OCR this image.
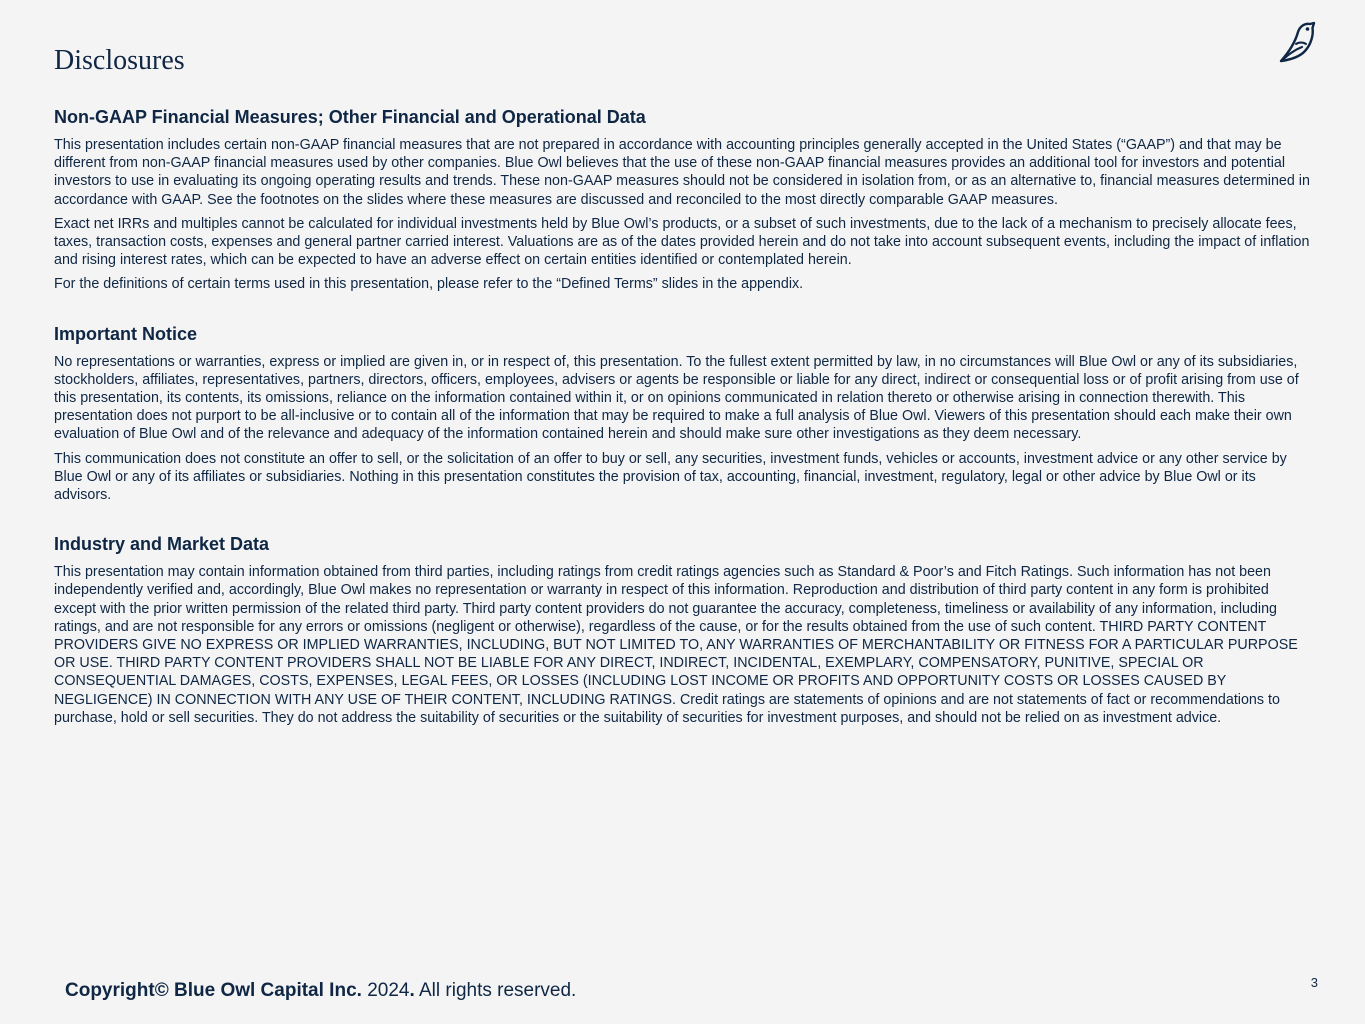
Disclosures
Non-GAAP Financial Measures; Other Financial and Operational Data

This presentation includes certain non-GAAP financial measures that are not prepared in accordance with accounting principles generally accepted in the United States (“GAAP”) and that may be different from non-GAAP financial measures used by other companies. Blue Owl believes that the use of these non-GAAP financial measures provides an additional tool for investors and potential investors to use in evaluating its ongoing operating results and trends. These non-GAAP measures should not be considered in isolation from, or as an alternative to, financial measures determined in accordance with GAAP. See the footnotes on the slides where these measures are discussed and reconciled to the most directly comparable GAAP measures.

Exact net IRRs and multiples cannot be calculated for individual investments held by Blue Owl’s products, or a subset of such investments, due to the lack of a mechanism to precisely allocate fees, taxes, transaction costs, expenses and general partner carried interest. Valuations are as of the dates provided herein and do not take into account subsequent events, including the impact of inflation and rising interest rates, which can be expected to have an adverse effect on certain entities identified or contemplated herein.

For the definitions of certain terms used in this presentation, please refer to the “Defined Terms” slides in the appendix.

Important Notice

No representations or warranties, express or implied are given in, or in respect of, this presentation. To the fullest extent permitted by law, in no circumstances will Blue Owl or any of its subsidiaries, stockholders, affiliates, representatives, partners, directors, officers, employees, advisers or agents be responsible or liable for any direct, indirect or consequential loss or of profit arising from use of this presentation, its contents, its omissions, reliance on the information contained within it, or on opinions communicated in relation thereto or otherwise arising in connection therewith. This presentation does not purport to be all-inclusive or to contain all of the information that may be required to make a full analysis of Blue Owl. Viewers of this presentation should each make their own evaluation of Blue Owl and of the relevance and adequacy of the information contained herein and should make sure other investigations as they deem necessary.

This communication does not constitute an offer to sell, or the solicitation of an offer to buy or sell, any securities, investment funds, vehicles or accounts, investment advice or any other service by Blue Owl or any of its affiliates or subsidiaries. Nothing in this presentation constitutes the provision of tax, accounting, financial, investment, regulatory, legal or other advice by Blue Owl or its advisors.

Industry and Market Data

This presentation may contain information obtained from third parties, including ratings from credit ratings agencies such as Standard & Poor’s and Fitch Ratings. Such information has not been independently verified and, accordingly, Blue Owl makes no representation or warranty in respect of this information. Reproduction and distribution of third party content in any form is prohibited except with the prior written permission of the related third party. Third party content providers do not guarantee the accuracy, completeness, timeliness or availability of any information, including ratings, and are not responsible for any errors or omissions (negligent or otherwise), regardless of the cause, or for the results obtained from the use of such content. THIRD PARTY CONTENT PROVIDERS GIVE NO EXPRESS OR IMPLIED WARRANTIES, INCLUDING, BUT NOT LIMITED TO, ANY WARRANTIES OF MERCHANTABILITY OR FITNESS FOR A PARTICULAR PURPOSE OR USE. THIRD PARTY CONTENT PROVIDERS SHALL NOT BE LIABLE FOR ANY DIRECT, INDIRECT, INCIDENTAL, EXEMPLARY, COMPENSATORY, PUNITIVE, SPECIAL OR CONSEQUENTIAL DAMAGES, COSTS, EXPENSES, LEGAL FEES, OR LOSSES (INCLUDING LOST INCOME OR PROFITS AND OPPORTUNITY COSTS OR LOSSES CAUSED BY NEGLIGENCE) IN CONNECTION WITH ANY USE OF THEIR CONTENT, INCLUDING RATINGS. Credit ratings are statements of opinions and are not statements of fact or recommendations to purchase, hold or sell securities. They do not address the suitability of securities or the suitability of securities for investment purposes, and should not be relied on as investment advice.

Copyright© Blue Owl Capital Inc. 2024. All rights reserved.	3
